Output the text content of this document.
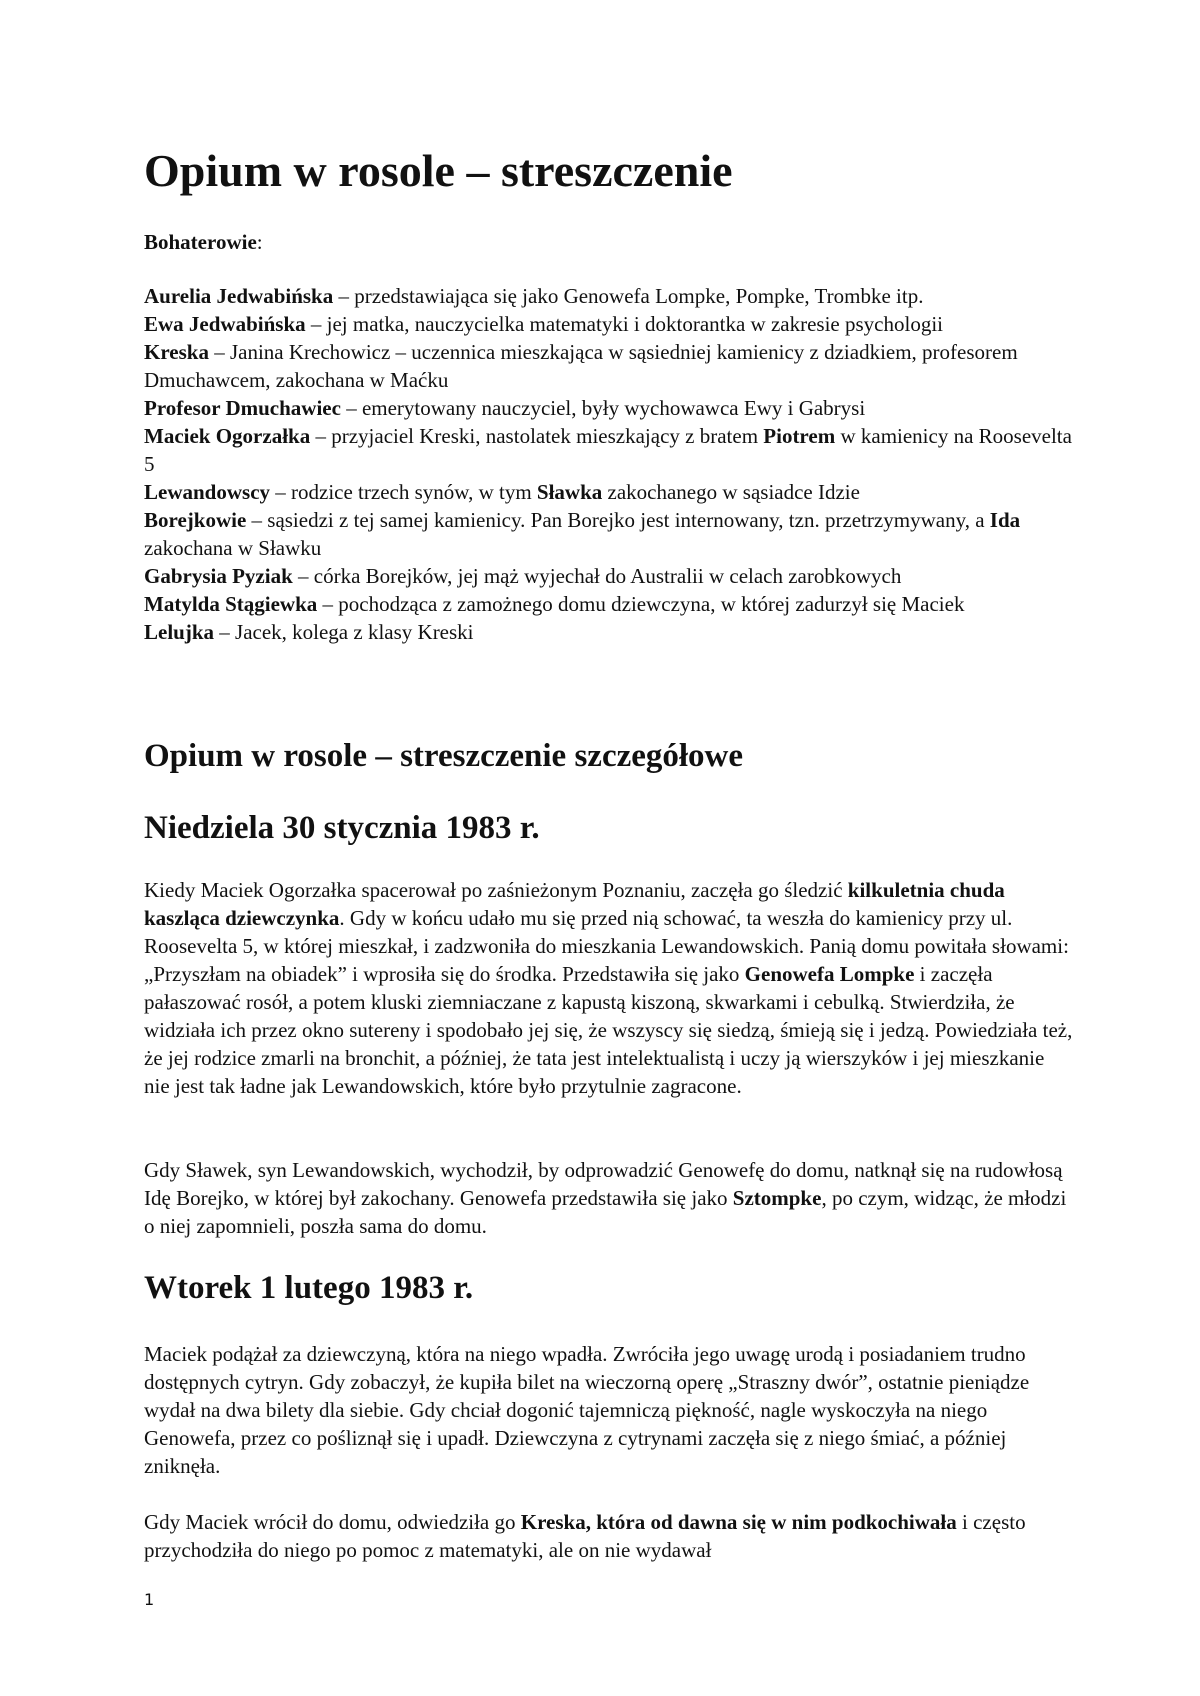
Opium w rosole – streszczenie

Bohaterowie:

Aurelia Jedwabińska – przedstawiająca się jako Genowefa Lompke, Pompke, Trombke itp.
Ewa Jedwabińska – jej matka, nauczycielka matematyki i doktorantka w zakresie psychologii
Kreska – Janina Krechowicz – uczennica mieszkająca w sąsiedniej kamienicy z dziadkiem, profesorem Dmuchawcem, zakochana w Maćku
Profesor Dmuchawiec – emerytowany nauczyciel, były wychowawca Ewy i Gabrysi
Maciek Ogorzałka – przyjaciel Kreski, nastolatek mieszkający z bratem Piotrem w kamienicy na Roosevelta 5
Lewandowscy – rodzice trzech synów, w tym Sławka zakochanego w sąsiadce Idzie
Borejkowie – sąsiedzi z tej samej kamienicy. Pan Borejko jest internowany, tzn. przetrzymywany, a Ida zakochana w Sławku
Gabrysia Pyziak – córka Borejków, jej mąż wyjechał do Australii w celach zarobkowych
Matylda Stągiewka – pochodząca z zamożnego domu dziewczyna, w której zadurzył się Maciek
Lelujka – Jacek, kolega z klasy Kreski
Opium w rosole – streszczenie szczegółowe
Niedziela 30 stycznia 1983 r.

Kiedy Maciek Ogorzałka spacerował po zaśnieżonym Poznaniu, zaczęła go śledzić kilkuletnia chuda kaszląca dziewczynka. Gdy w końcu udało mu się przed nią schować, ta weszła do kamienicy przy ul. Roosevelta 5, w której mieszkał, i zadzwoniła do mieszkania Lewandowskich. Panią domu powitała słowami: „Przyszłam na obiadek” i wprosiła się do środka. Przedstawiła się jako Genowefa Lompke i zaczęła pałaszować rosół, a potem kluski ziemniaczane z kapustą kiszoną, skwarkami i cebulką. Stwierdziła, że widziała ich przez okno sutereny i spodobało jej się, że wszyscy się siedzą, śmieją się i jedzą. Powiedziała też, że jej rodzice zmarli na bronchit, a później, że tata jest intelektualistą i uczy ją wierszyków i jej mieszkanie nie jest tak ładne jak Lewandowskich, które było przytulnie zagracone.

Gdy Sławek, syn Lewandowskich, wychodził, by odprowadzić Genowefę do domu, natknął się na rudowłosą Idę Borejko, w której był zakochany. Genowefa przedstawiła się jako Sztompke, po czym, widząc, że młodzi o niej zapomnieli, poszła sama do domu.

Wtorek 1 lutego 1983 r.

Maciek podążał za dziewczyną, która na niego wpadła. Zwróciła jego uwagę urodą i posiadaniem trudno dostępnych cytryn. Gdy zobaczył, że kupiła bilet na wieczorną operę „Straszny dwór”, ostatnie pieniądze wydał na dwa bilety dla siebie. Gdy chciał dogonić tajemniczą piękność, nagle wyskoczyła na niego Genowefa, przez co pośliznął się i upadł. Dziewczyna z cytrynami zaczęła się z niego śmiać, a później zniknęła.

Gdy Maciek wrócił do domu, odwiedziła go Kreska, która od dawna się w nim podkochiwała i często przychodziła do niego po pomoc z matematyki, ale on nie wydawał

1
